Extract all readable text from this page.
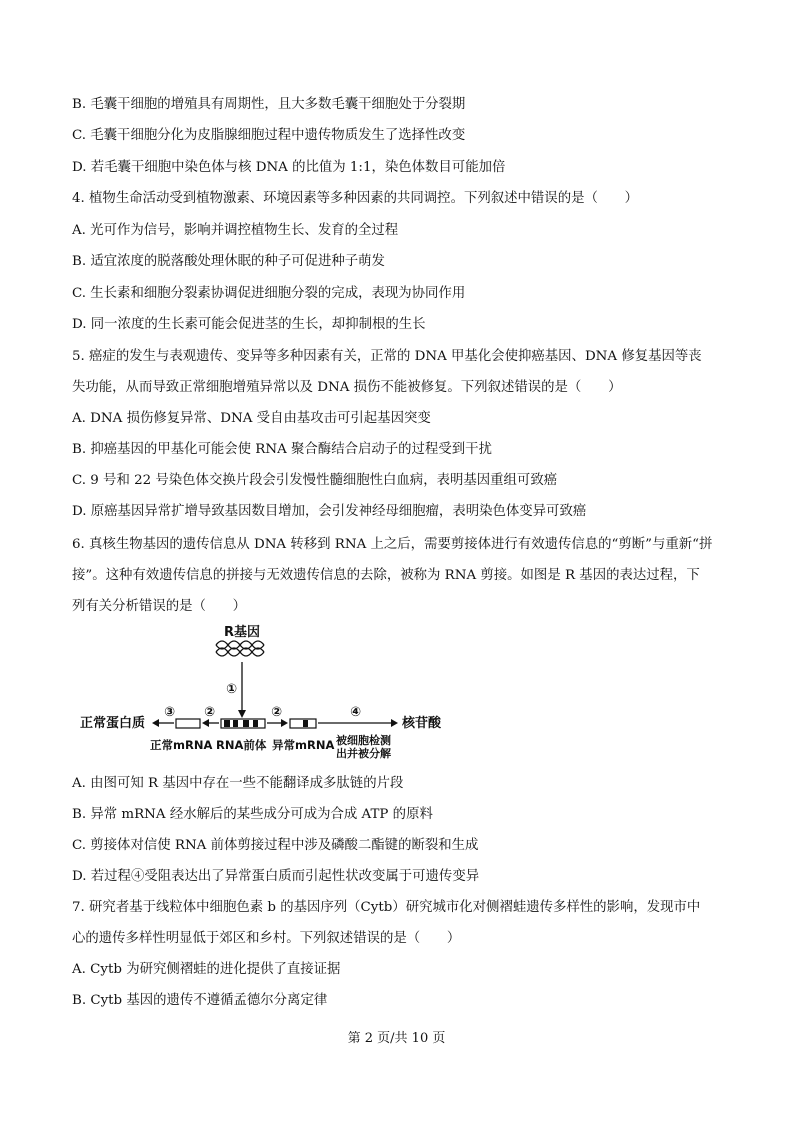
B. 毛囊干细胞的增殖具有周期性，且大多数毛囊干细胞处于分裂期
C. 毛囊干细胞分化为皮脂腺细胞过程中遗传物质发生了选择性改变
D. 若毛囊干细胞中染色体与核 DNA 的比值为 1:1，染色体数目可能加倍
4. 植物生命活动受到植物激素、环境因素等多种因素的共同调控。下列叙述中错误的是（　　）
A. 光可作为信号，影响并调控植物生长、发育的全过程
B. 适宜浓度的脱落酸处理休眠的种子可促进种子萌发
C. 生长素和细胞分裂素协调促进细胞分裂的完成，表现为协同作用
D. 同一浓度的生长素可能会促进茎的生长，却抑制根的生长
5. 癌症的发生与表观遗传、变异等多种因素有关，正常的 DNA 甲基化会使抑癌基因、DNA 修复基因等丧
失功能，从而导致正常细胞增殖异常以及 DNA 损伤不能被修复。下列叙述错误的是（　　）
A. DNA 损伤修复异常、DNA 受自由基攻击可引起基因突变
B. 抑癌基因的甲基化可能会使 RNA 聚合酶结合启动子的过程受到干扰
C. 9 号和 22 号染色体交换片段会引发慢性髓细胞性白血病，表明基因重组可致癌
D. 原癌基因异常扩增导致基因数目增加，会引发神经母细胞瘤，表明染色体变异可致癌
6. 真核生物基因的遗传信息从 DNA 转移到 RNA 上之后，需要剪接体进行有效遗传信息的“剪断”与重新“拼
接”。这种有效遗传信息的拼接与无效遗传信息的去除，被称为 RNA 剪接。如图是 R 基因的表达过程，下
列有关分析错误的是（　　）
R基因
①
②
③
正常蛋白质
②	④
核苷酸
正常mRNA RNA前体 异常mRNA 被细胞检测
出并被分解
A. 由图可知 R 基因中存在一些不能翻译成多肽链的片段
B. 异常 mRNA 经水解后的某些成分可成为合成 ATP 的原料
C. 剪接体对信使 RNA 前体剪接过程中涉及磷酸二酯键的断裂和生成
D. 若过程④受阻表达出了异常蛋白质而引起性状改变属于可遗传变异
7. 研究者基于线粒体中细胞色素 b 的基因序列（Cytb）研究城市化对侧褶蛙遗传多样性的影响，发现市中
心的遗传多样性明显低于郊区和乡村。下列叙述错误的是（　　）
A. Cytb 为研究侧褶蛙的进化提供了直接证据
B. Cytb 基因的遗传不遵循孟德尔分离定律
第 2 页/共 10 页
